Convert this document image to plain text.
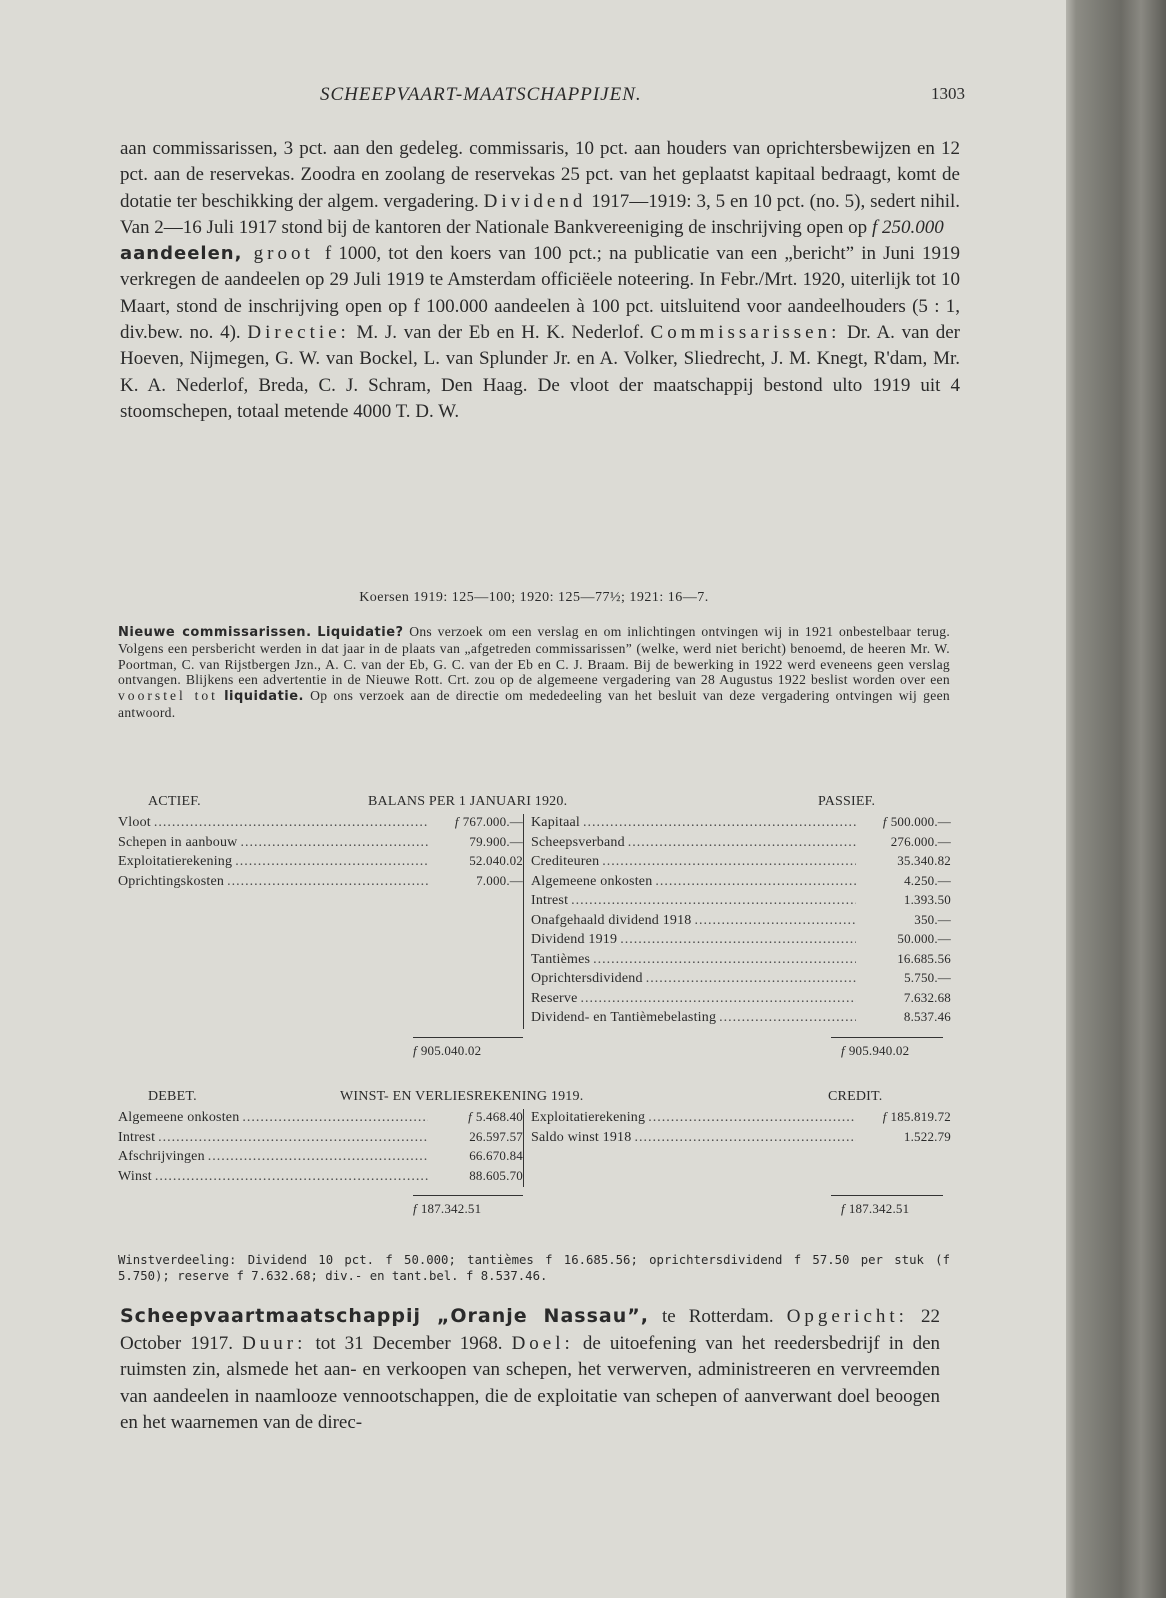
SCHEEPVAART-MAATSCHAPPIJEN.	1303

aan commissarissen, 3 pct. aan den gedeleg. commissaris, 10 pct. aan houders van oprichtersbewijzen en 12 pct. aan de reservekas. Zoodra en zoolang de reservekas 25 pct. van het geplaatst kapitaal bedraagt, komt de dotatie ter beschikking der algem. vergadering. Dividend 1917—1919: 3, 5 en 10 pct. (no. 5), sedert nihil. Van 2—16 Juli 1917 stond bij de kantoren der Nationale Bankvereeniging de inschrijving open op f 250.000
aandeelen, groot f 1000, tot den koers van 100 pct.; na publicatie van een „bericht” in Juni 1919 verkregen de aandeelen op 29 Juli 1919 te Amsterdam officiëele noteering. In Febr./Mrt. 1920, uiterlijk tot 10 Maart, stond de inschrijving open op f 100.000 aandeelen à 100 pct. uitsluitend voor aandeelhouders (5 : 1, div.bew. no. 4). Directie: M. J. van der Eb en H. K. Nederlof. Commissarissen: Dr. A. van der Hoeven, Nijmegen, G. W. van Bockel, L. van Splunder Jr. en A. Volker, Sliedrecht, J. M. Knegt, R'dam, Mr. K. A. Nederlof, Breda, C. J. Schram, Den Haag. De vloot der maatschappij bestond ulto 1919 uit 4 stoomschepen, totaal metende 4000 T. D. W.

Koersen 1919: 125—100; 1920: 125—77½; 1921: 16—7.

Nieuwe commissarissen. Liquidatie? Ons verzoek om een verslag en om inlichtingen ontvingen wij in 1921 onbestelbaar terug. Volgens een persbericht werden in dat jaar in de plaats van „afgetreden commissarissen” (welke, werd niet bericht) benoemd, de heeren Mr. W. Poortman, C. van Rijstbergen Jzn., A. C. van der Eb, G. C. van der Eb en C. J. Braam. Bij de bewerking in 1922 werd eveneens geen verslag ontvangen. Blijkens een advertentie in de Nieuwe Rott. Crt. zou op de algemeene vergadering van 28 Augustus 1922 beslist worden over een voorstel tot liquidatie. Op ons verzoek aan de directie om mededeeling van het besluit van deze vergadering ontvingen wij geen antwoord.

ACTIEF.	BALANS PER 1 JANUARI 1920.	PASSIEF.
Vloot .....	f 767.000.—
Schepen in aanbouw .....	79.900.—
Exploitatierekening .....	52.040.02
Oprichtingskosten .....	7.000.—
Kapitaal .....	f 500.000.—
Scheepsverband .....	276.000.—
Crediteuren .....	35.340.82
Algemeene onkosten .....	4.250.—
Intrest .....	1.393.50
Onafgehaald dividend 1918 .....	350.—
Dividend 1919 .....	50.000.—
Tantièmes .....	16.685.56
Oprichtersdividend .....	5.750.—
Reserve .....	7.632.68
Dividend- en Tantièmebelasting .....	8.537.46
f 905.040.02	f 905.940.02
DEBET.	WINST- EN VERLIESREKENING 1919.	CREDIT.
Algemeene onkosten .....	f 5.468.40
Intrest .....	26.597.57
Afschrijvingen .....	66.670.84
Winst .....	88.605.70
Exploitatierekening .....	f 185.819.72
Saldo winst 1918 .....	1.522.79
f 187.342.51	f 187.342.51

Winstverdeeling: Dividend 10 pct. f 50.000; tantièmes f 16.685.56; oprichtersdividend f 57.50 per stuk (f 5.750); reserve f 7.632.68; div.- en tant.bel. f 8.537.46.

Scheepvaartmaatschappij „Oranje Nassau”, te Rotterdam. Opgericht: 22 October 1917. Duur: tot 31 December 1968. Doel: de uitoefening van het reedersbedrijf in den ruimsten zin, alsmede het aan- en verkoopen van schepen, het verwerven, administreeren en vervreemden van aandeelen in naamlooze vennootschappen, die de exploitatie van schepen of aanverwant doel beoogen en het waarnemen van de direc-
